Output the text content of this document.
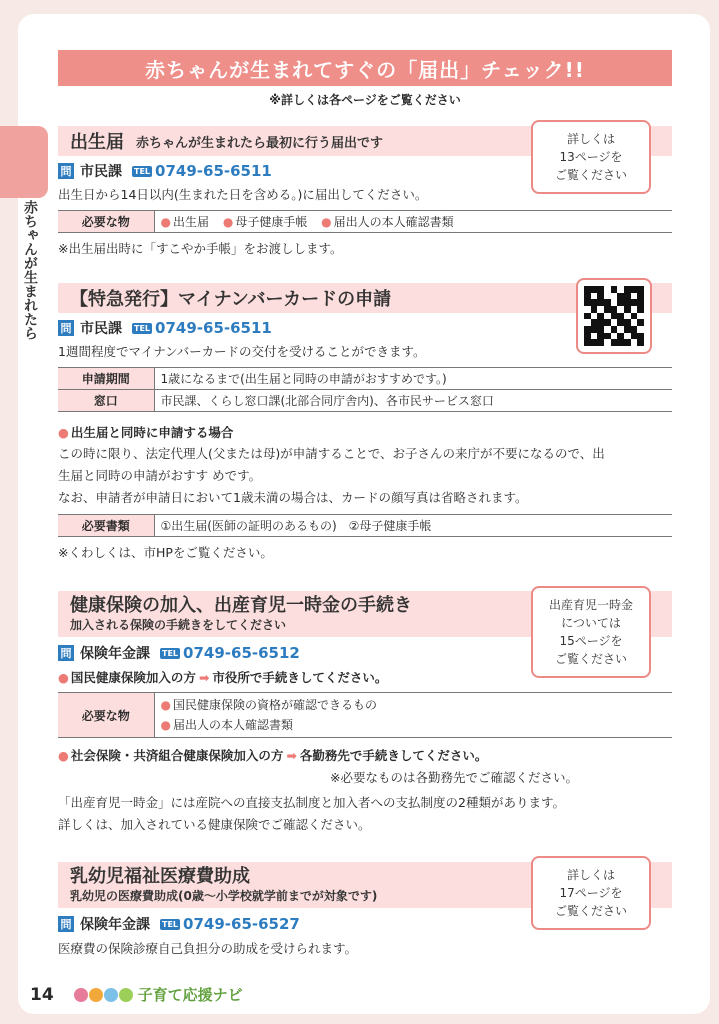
赤ちゃんが生まれたら
赤ちゃんが生まれてすぐの「届出」チェック!!
※詳しくは各ページをご覧ください
出生届 赤ちゃんが生まれたら最初に行う届出です	詳しくは
13ページを
ご覧ください
問 市民課 TEL 0749-65-6511
出生日から14日以内(生まれた日を含める。)に届出してください。
必要な物	● 出生届 ● 母子健康手帳 ● 届出人の本人確認書類
※出生届出時に「すこやか手帳」をお渡しします。
【特急発行】マイナンバーカードの申請
問 市民課 TEL 0749-65-6511
1週間程度でマイナンバーカードの交付を受けることができます。
申請期間	1歳になるまで(出生届と同時の申請がおすすめです。)
窓口	市民課、くらし窓口課(北部合同庁舎内)、各市民サービス窓口
● 出生届と同時に申請する場合
この時に限り、法定代理人(父または母)が申請することで、お子さんの来庁が不要になるので、出
生届と同時の申請がおすす めです。
なお、申請者が申請日において1歳未満の場合は、カードの顔写真は省略されます。
必要書類	①出生届(医師の証明のあるもの)　②母子健康手帳
※くわしくは、市HPをご覧ください。
健康保険の加入、出産育児一時金の手続き
加入される保険の手続きをしてください
出産育児一時金
については
15ページを
ご覧ください
問 保険年金課 TEL 0749-65-6512
● 国民健康保険加入の方 ➡ 市役所で手続きしてください。
必要な物	● 国民健康保険の資格が確認できるもの
● 届出人の本人確認書類
● 社会保険・共済組合健康保険加入の方 ➡ 各勤務先で手続きしてください。
※必要なものは各勤務先でご確認ください。
「出産育児一時金」には産院への直接支払制度と加入者への支払制度の2種類があります。
詳しくは、加入されている健康保険でご確認ください。
乳幼児福祉医療費助成
乳幼児の医療費助成(0歳～小学校就学前までが対象です)
詳しくは
17ページを
ご覧ください
問 保険年金課 TEL 0749-65-6527
医療費の保険診療自己負担分の助成を受けられます。
14	子育て応援ナビ
